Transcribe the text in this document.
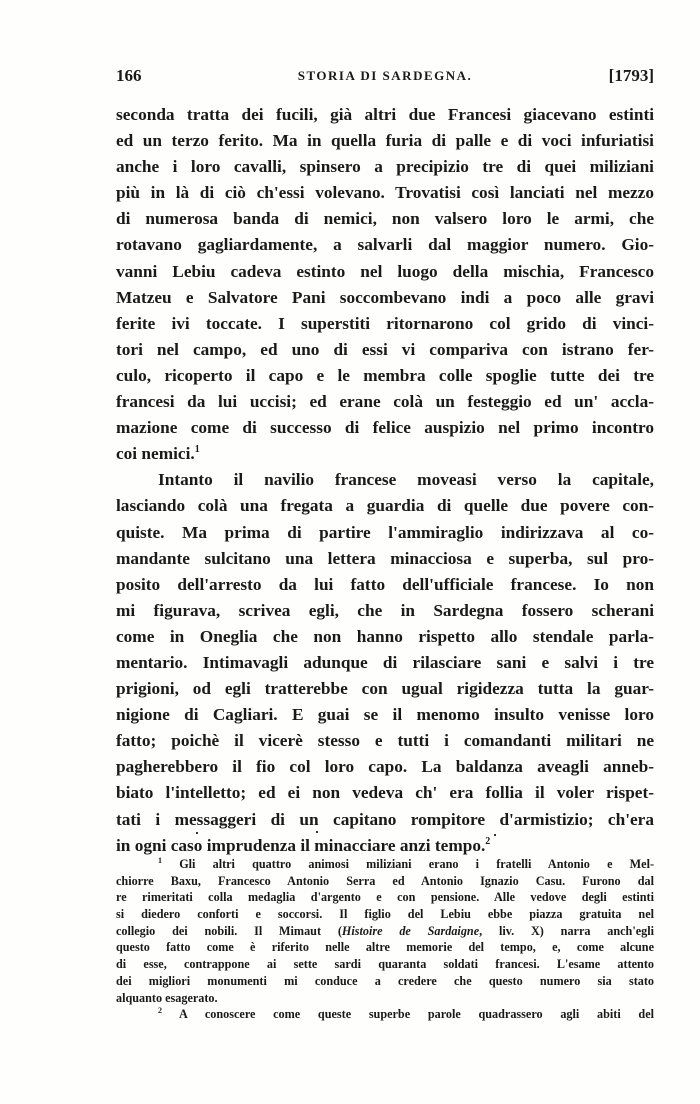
166	STORIA DI SARDEGNA.	[1793]
seconda tratta dei fucili, già altri due Francesi giacevano estinti
ed un terzo ferito. Ma in quella furia di palle e di voci infuriatisi
anche i loro cavalli, spinsero a precipizio tre di quei miliziani
più in là di ciò ch'essi volevano. Trovatisi così lanciati nel mezzo
di numerosa banda di nemici, non valsero loro le armi, che
rotavano gagliardamente, a salvarli dal maggior numero. Gio-
vanni Lebiu cadeva estinto nel luogo della mischia, Francesco
Matzeu e Salvatore Pani soccombevano indi a poco alle gravi
ferite ivi toccate. I superstiti ritornarono col grido di vinci-
tori nel campo, ed uno di essi vi compariva con istrano fer-
culo, ricoperto il capo e le membra colle spoglie tutte dei tre
francesi da lui uccisi; ed erane colà un festeggio ed un' accla-
mazione come di successo di felice auspizio nel primo incontro
coi nemici.$^1$
Intanto il navilio francese moveasi verso la capitale,
lasciando colà una fregata a guardia di quelle due povere con-
quiste. Ma prima di partire l'ammiraglio indirizzava al co-
mandante sulcitano una lettera minacciosa e superba, sul pro-
posito dell'arresto da lui fatto dell'ufficiale francese. Io non
mi figurava, scrivea egli, che in Sardegna fossero scherani
come in Oneglia che non hanno rispetto allo stendale parla-
mentario. Intimavagli adunque di rilasciare sani e salvi i tre
prigioni, od egli tratterebbe con ugual rigidezza tutta la guar-
nigione di Cagliari. E guai se il menomo insulto venisse loro
fatto; poichè il vicerè stesso e tutti i comandanti militari ne
pagherebbero il fio col loro capo. La baldanza aveagli anneb-
biato l'intelletto; ed ei non vedeva ch' era follia il voler rispet-
tati i messaggeri di un capitano rompitore d'armistizio; ch'era
in ogni caso imprudenza il minacciare anzi tempo.$^2$
$^1$ Gli altri quattro animosi miliziani erano i fratelli Antonio e Mel-
chiorre Baxu, Francesco Antonio Serra ed Antonio Ignazio Casu. Furono dal
re rimeritati colla medaglia d'argento e con pensione. Alle vedove degli estinti
si diedero conforti e soccorsi. Il figlio del Lebiu ebbe piazza gratuita nel
collegio dei nobili. Il Mimaut (Histoire de Sardaigne, liv. X) narra anch'egli
questo fatto come è riferito nelle altre memorie del tempo, e, come alcune
di esse, contrappone ai sette sardi quaranta soldati francesi. L'esame attento
dei migliori monumenti mi conduce a credere che questo numero sia stato
alquanto esagerato.
$^2$ A conoscere come queste superbe parole quadrassero agli abiti del
